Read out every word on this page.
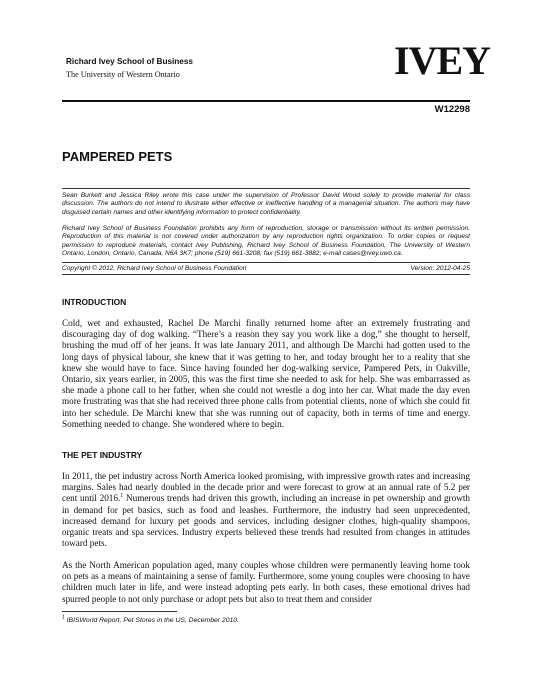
Richard Ivey School of Business
The University of Western Ontario	IVEY
W12298
PAMPERED PETS
Sean Burkett and Jessica Riley wrote this case under the supervision of Professor David Wood solely to provide material for class discussion. The authors do not intend to illustrate either effective or ineffective handling of a managerial situation. The authors may have disguised certain names and other identifying information to protect confidentiality.
Richard Ivey School of Business Foundation prohibits any form of reproduction, storage or transmission without its written permission. Reproduction of this material is not covered under authorization by any reproduction rights organization. To order copies or request permission to reproduce materials, contact Ivey Publishing, Richard Ivey School of Business Foundation, The University of Western Ontario, London, Ontario, Canada, N6A 3K7; phone (519) 661-3208; fax (519) 661-3882; e-mail cases@ivey.uwo.ca.
Copyright © 2012, Richard Ivey School of Business Foundation	Version: 2012-04-25
INTRODUCTION

Cold, wet and exhausted, Rachel De Marchi finally returned home after an extremely frustrating and discouraging day of dog walking. “There’s a reason they say you work like a dog,” she thought to herself, brushing the mud off of her jeans. It was late January 2011, and although De Marchi had gotten used to the long days of physical labour, she knew that it was getting to her, and today brought her to a reality that she knew she would have to face. Since having founded her dog-walking service, Pampered Pets, in Oakville, Ontario, six years earlier, in 2005, this was the first time she needed to ask for help. She was embarrassed as she made a phone call to her father, when she could not wrestle a dog into her car. What made the day even more frustrating was that she had received three phone calls from potential clients, none of which she could fit into her schedule. De Marchi knew that she was running out of capacity, both in terms of time and energy. Something needed to change. She wondered where to begin.

THE PET INDUSTRY

In 2011, the pet industry across North America looked promising, with impressive growth rates and increasing margins. Sales had nearly doubled in the decade prior and were forecast to grow at an annual rate of 5.2 per cent until 2016.$^1$ Numerous trends had driven this growth, including an increase in pet ownership and growth in demand for pet basics, such as food and leashes. Furthermore, the industry had seen unprecedented, increased demand for luxury pet goods and services, including designer clothes, high-quality shampoos, organic treats and spa services. Industry experts believed these trends had resulted from changes in attitudes toward pets.

As the North American population aged, many couples whose children were permanently leaving home took on pets as a means of maintaining a sense of family. Furthermore, some young couples were choosing to have children much later in life, and were instead adopting pets early. In both cases, these emotional drives had spurred people to not only purchase or adopt pets but also to treat them and consider

$^1$ IBISWorld Report, Pet Stores in the US, December 2010.
